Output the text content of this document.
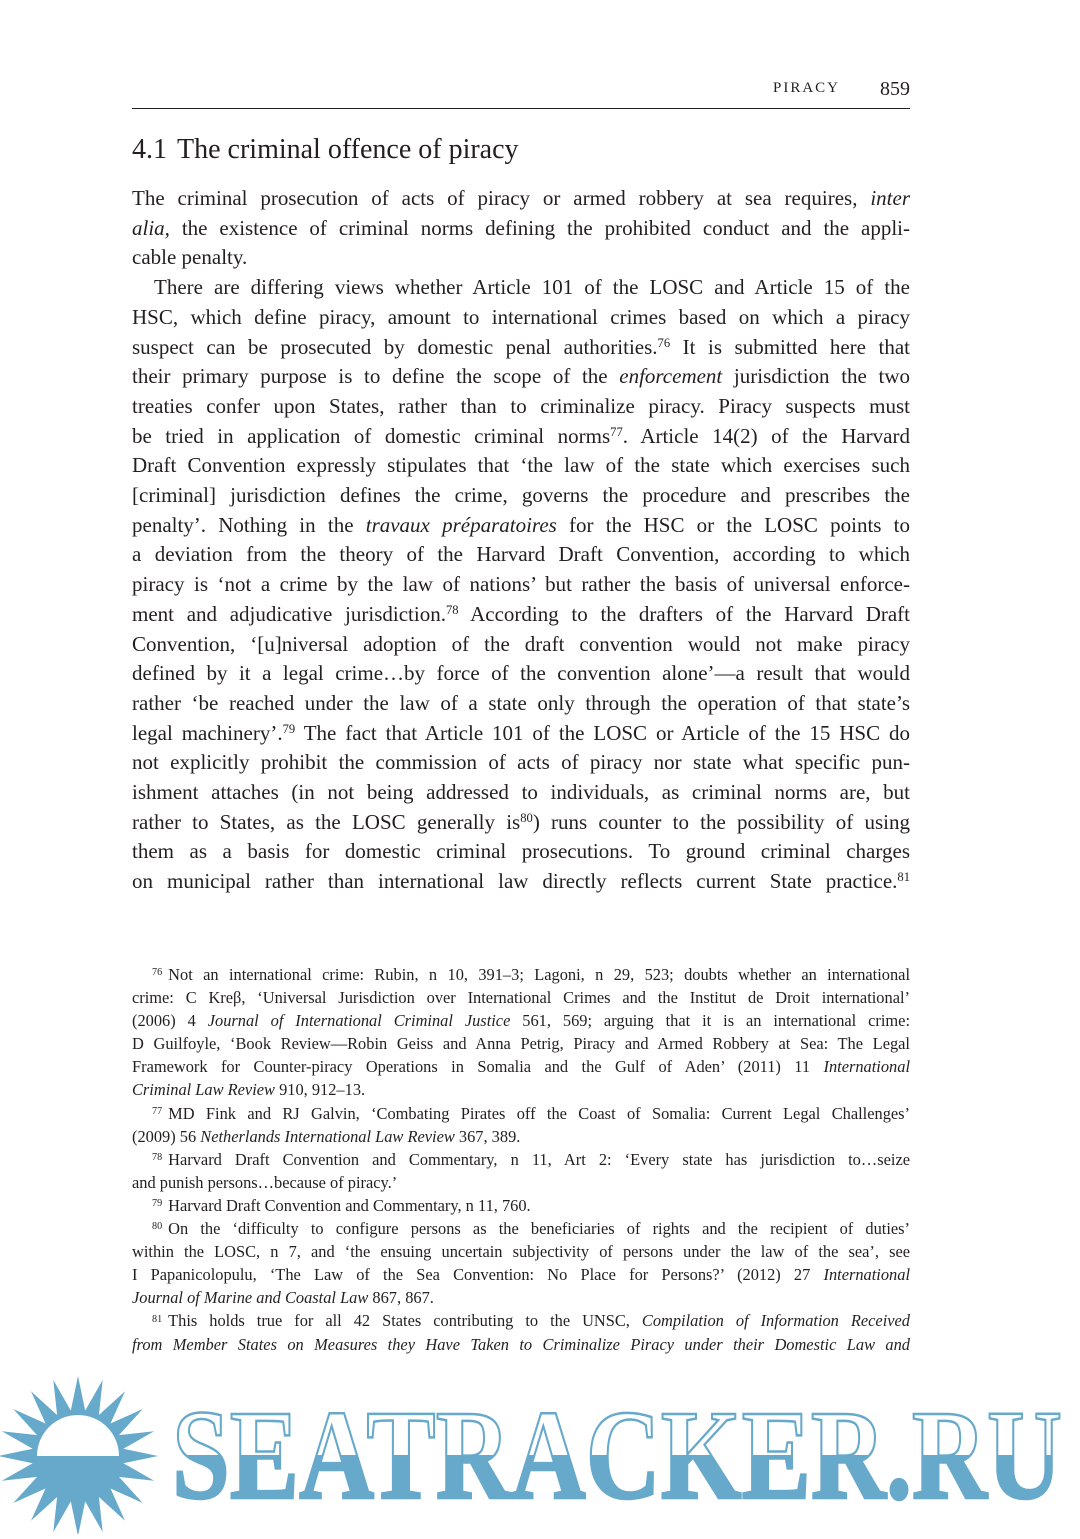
PIRACY 859
4.1 The criminal offence of piracy
The criminal prosecution of acts of piracy or armed robbery at sea requires, inter
alia, the existence of criminal norms defining the prohibited conduct and the appli-
cable penalty.
There are differing views whether Article 101 of the LOSC and Article 15 of the
HSC, which define piracy, amount to international crimes based on which a piracy
suspect can be prosecuted by domestic penal authorities.$^{76}$ It is submitted here that
their primary purpose is to define the scope of the enforcement jurisdiction the two
treaties confer upon States, rather than to criminalize piracy. Piracy suspects must
be tried in application of domestic criminal norms$^{77}$. Article 14(2) of the Harvard
Draft Convention expressly stipulates that ‘the law of the state which exercises such
[criminal] jurisdiction defines the crime, governs the procedure and prescribes the
penalty’. Nothing in the travaux préparatoires for the HSC or the LOSC points to
a deviation from the theory of the Harvard Draft Convention, according to which
piracy is ‘not a crime by the law of nations’ but rather the basis of universal enforce-
ment and adjudicative jurisdiction.$^{78}$ According to the drafters of the Harvard Draft
Convention, ‘[u]niversal adoption of the draft convention would not make piracy
defined by it a legal crime…by force of the convention alone’—a result that would
rather ‘be reached under the law of a state only through the operation of that state’s
legal machinery’.$^{79}$ The fact that Article 101 of the LOSC or Article of the 15 HSC do
not explicitly prohibit the commission of acts of piracy nor state what specific pun-
ishment attaches (in not being addressed to individuals, as criminal norms are, but
rather to States, as the LOSC generally $is^{80}$) runs counter to the possibility of using
them as a basis for domestic criminal prosecutions. To ground criminal charges
on municipal rather than international law directly reflects current State practice.$^{81}$
$^{76}$ Not an international crime: Rubin, n 10, 391–3; Lagoni, n 29, 523; doubts whether an international
crime: C Kreβ, ‘Universal Jurisdiction over International Crimes and the Institut de Droit international’
(2006) 4 Journal of International Criminal Justice 561, 569; arguing that it is an international crime:
D Guilfoyle, ‘Book Review—Robin Geiss and Anna Petrig, Piracy and Armed Robbery at Sea: The Legal
Framework for Counter-piracy Operations in Somalia and the Gulf of Aden’ (2011) 11 International
Criminal Law Review 910, 912–13.
$^{77}$ MD Fink and RJ Galvin, ‘Combating Pirates off the Coast of Somalia: Current Legal Challenges’
(2009) 56 Netherlands International Law Review 367, 389.
$^{78}$ Harvard Draft Convention and Commentary, n 11, Art 2: ‘Every state has jurisdiction to…seize
and punish persons…because of piracy.’
$^{79}$ Harvard Draft Convention and Commentary, n 11, 760.
$^{80}$ On the ‘difficulty to configure persons as the beneficiaries of rights and the recipient of duties’
within the LOSC, n 7, and ‘the ensuing uncertain subjectivity of persons under the law of the sea’, see
I Papanicolopulu, ‘The Law of the Sea Convention: No Place for Persons?’ (2012) 27 International
Journal of Marine and Coastal Law 867, 867.
$^{81}$ This holds true for all 42 States contributing to the UNSC, Compilation of Information Received
from Member States on Measures they Have Taken to Criminalize Piracy under their Domestic Law and
SEATRACKER.RU
